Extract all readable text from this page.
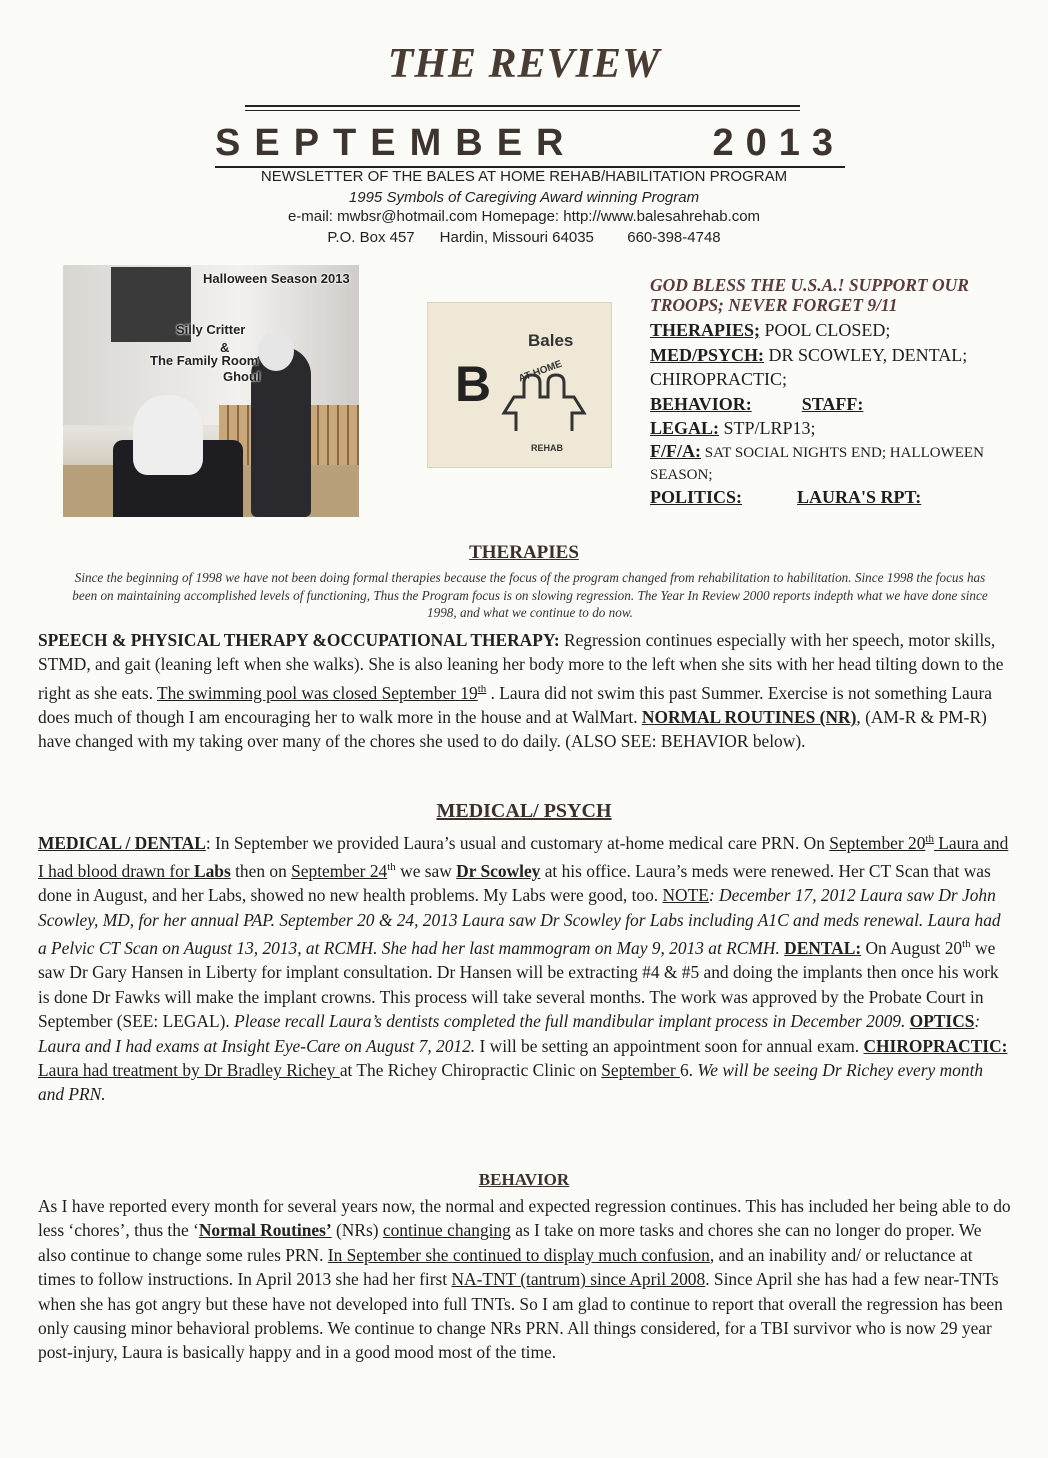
THE REVIEW
SEPTEMBER	2013
NEWSLETTER OF THE BALES AT HOME REHAB/HABILITATION PROGRAM
1995 Symbols of Caregiving Award winning Program
e-mail: mwbsr@hotmail.com Homepage: http://www.balesahrehab.com
P.O. Box 457      Hardin, Missouri 64035        660-398-4748
Halloween Season 2013
Silly Critter
&
The Family Room
Ghoul
Bales
B	AT-HOME
REHAB
GOD BLESS THE U.S.A.! SUPPORT OUR TROOPS; NEVER FORGET 9/11
THERAPIES; POOL CLOSED;
MED/PSYCH: DR SCOWLEY, DENTAL; CHIROPRACTIC;
BEHAVIOR:	STAFF:
LEGAL: STP/LRP13;
F/F/A: SAT SOCIAL NIGHTS END; HALLOWEEN SEASON;
POLITICS:	LAURA'S RPT:
THERAPIES
Since the beginning of 1998 we have not been doing formal therapies because the focus of the program changed from rehabilitation to habilitation. Since 1998 the focus has been on maintaining accomplished levels of functioning, Thus the Program focus is on slowing regression. The Year In Review 2000 reports indepth what we have done since 1998, and what we continue to do now.
SPEECH & PHYSICAL THERAPY &OCCUPATIONAL THERAPY: Regression continues especially with her speech, motor skills, STMD, and gait (leaning left when she walks). She is also leaning her body more to the left when she sits with her head tilting down to the right as she eats. The swimming pool was closed September 19th . Laura did not swim this past Summer. Exercise is not something Laura does much of though I am encouraging her to walk more in the house and at WalMart. NORMAL ROUTINES (NR), (AM-R & PM-R) have changed with my taking over many of the chores she used to do daily. (ALSO SEE: BEHAVIOR below).
MEDICAL/ PSYCH
MEDICAL / DENTAL: In September we provided Laura’s usual and customary at-home medical care PRN. On September 20th Laura and I had blood drawn for Labs then on September 24th we saw Dr Scowley at his office. Laura’s meds were renewed. Her CT Scan that was done in August, and her Labs, showed no new health problems. My Labs were good, too. NOTE: December 17, 2012 Laura saw Dr John Scowley, MD, for her annual PAP. September 20 & 24, 2013 Laura saw Dr Scowley for Labs including A1C and meds renewal. Laura had a Pelvic CT Scan on August 13, 2013, at RCMH. She had her last mammogram on May 9, 2013 at RCMH. DENTAL: On August 20th we saw Dr Gary Hansen in Liberty for implant consultation. Dr Hansen will be extracting #4 & #5 and doing the implants then once his work is done Dr Fawks will make the implant crowns. This process will take several months. The work was approved by the Probate Court in September (SEE: LEGAL). Please recall Laura’s dentists completed the full mandibular implant process in December 2009. OPTICS: Laura and I had exams at Insight Eye-Care on August 7, 2012. I will be setting an appointment soon for annual exam. CHIROPRACTIC: Laura had treatment by Dr Bradley Richey at The Richey Chiropractic Clinic on September 6. We will be seeing Dr Richey every month and PRN.
BEHAVIOR
As I have reported every month for several years now, the normal and expected regression continues. This has included her being able to do less ‘chores’, thus the ‘Normal Routines’ (NRs) continue changing as I take on more tasks and chores she can no longer do proper. We also continue to change some rules PRN. In September she continued to display much confusion, and an inability and/ or reluctance at times to follow instructions. In April 2013 she had her first NA-TNT (tantrum) since April 2008. Since April she has had a few near-TNTs when she has got angry but these have not developed into full TNTs. So I am glad to continue to report that overall the regression has been only causing minor behavioral problems. We continue to change NRs PRN. All things considered, for a TBI survivor who is now 29 year post-injury, Laura is basically happy and in a good mood most of the time.
